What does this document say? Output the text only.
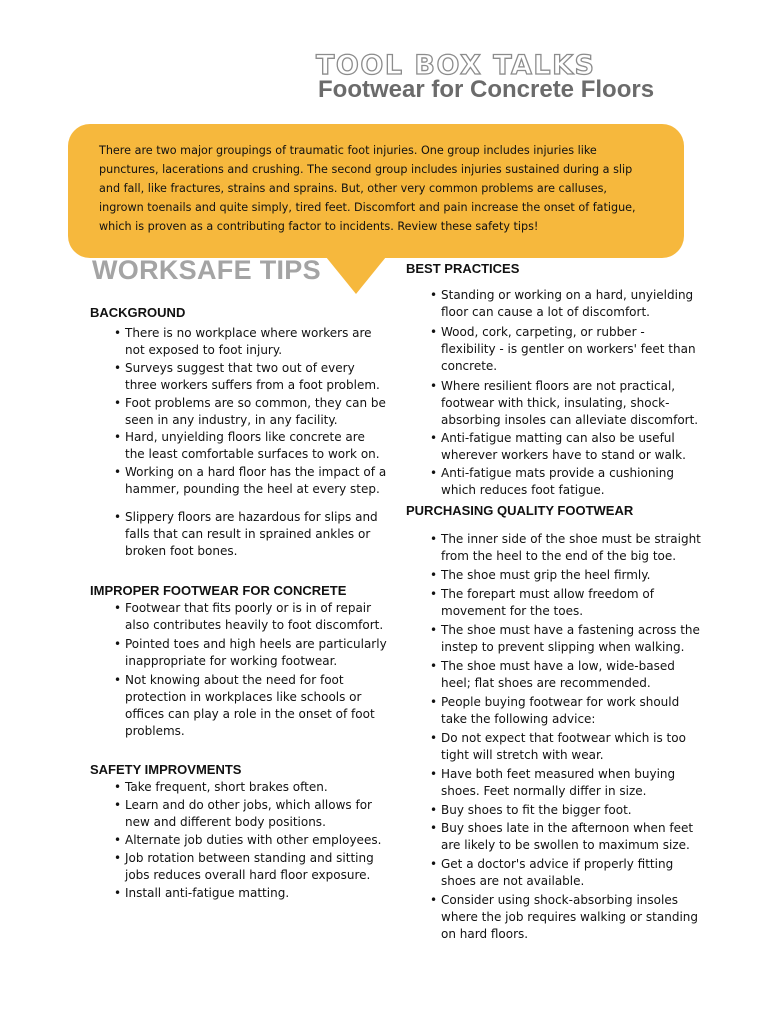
TOOL BOX TALKS
Footwear for Concrete Floors

There are two major groupings of traumatic foot injuries. One group includes injuries like punctures, lacerations and crushing. The second group includes injuries sustained during a slip and fall, like fractures, strains and sprains. But, other very common problems are calluses, ingrown toenails and quite simply, tired feet. Discomfort and pain increase the onset of fatigue, which is proven as a contributing factor to incidents. Review these safety tips!

WORKSAFE TIPS
BACKGROUND
• There is no workplace where workers are not exposed to foot injury.
• Surveys suggest that two out of every three workers suffers from a foot problem.
• Foot problems are so common, they can be seen in any industry, in any facility.
• Hard, unyielding floors like concrete are the least comfortable surfaces to work on.
• Working on a hard floor has the impact of a hammer, pounding the heel at every step.
• Slippery floors are hazardous for slips and falls that can result in sprained ankles or broken foot bones.
IMPROPER FOOTWEAR FOR CONCRETE
• Footwear that fits poorly or is in of repair also contributes heavily to foot discomfort.
• Pointed toes and high heels are particularly inappropriate for working footwear.
• Not knowing about the need for foot protection in workplaces like schools or offices can play a role in the onset of foot problems.
SAFETY IMPROVMENTS
• Take frequent, short brakes often.
• Learn and do other jobs, which allows for new and different body positions.
• Alternate job duties with other employees.
• Job rotation between standing and sitting jobs reduces overall hard floor exposure.
• Install anti-fatigue matting.
BEST PRACTICES
• Standing or working on a hard, unyielding floor can cause a lot of discomfort.
• Wood, cork, carpeting, or rubber - flexibility - is gentler on workers' feet than concrete.
• Where resilient floors are not practical, footwear with thick, insulating, shock-absorbing insoles can alleviate discomfort.
• Anti-fatigue matting can also be useful wherever workers have to stand or walk.
• Anti-fatigue mats provide a cushioning which reduces foot fatigue.
PURCHASING QUALITY FOOTWEAR
• The inner side of the shoe must be straight from the heel to the end of the big toe.
• The shoe must grip the heel firmly.
• The forepart must allow freedom of movement for the toes.
• The shoe must have a fastening across the instep to prevent slipping when walking.
• The shoe must have a low, wide-based heel; flat shoes are recommended.
• People buying footwear for work should take the following advice:
• Do not expect that footwear which is too tight will stretch with wear.
• Have both feet measured when buying shoes. Feet normally differ in size.
• Buy shoes to fit the bigger foot.
• Buy shoes late in the afternoon when feet are likely to be swollen to maximum size.
• Get a doctor's advice if properly fitting shoes are not available.
• Consider using shock-absorbing insoles where the job requires walking or standing on hard floors.
